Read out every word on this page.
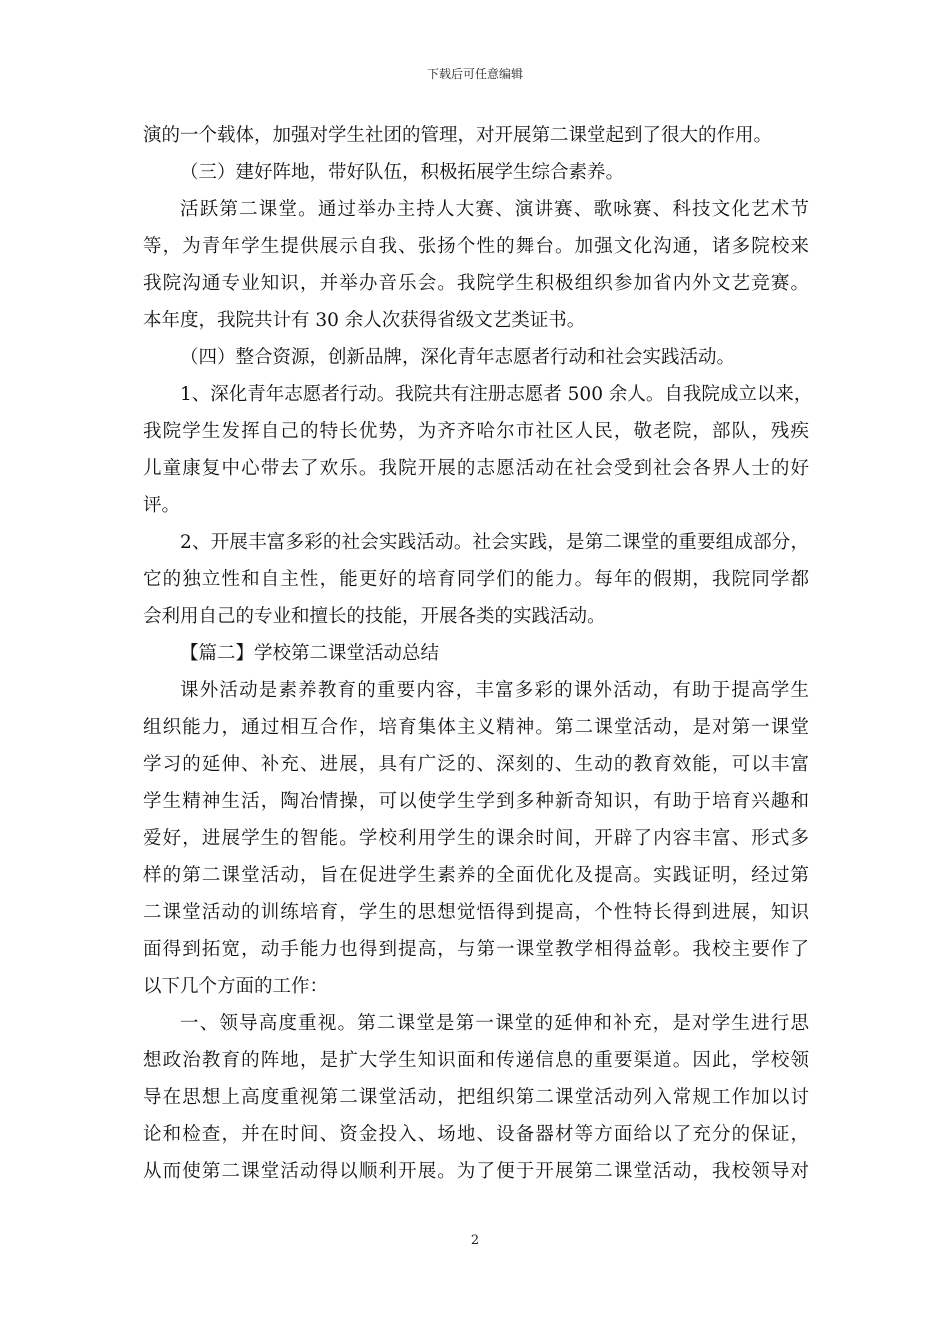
下载后可任意编辑
演的一个载体，加强对学生社团的管理，对开展第二课堂起到了很大的作用。
（三）建好阵地，带好队伍，积极拓展学生综合素养。
活跃第二课堂。通过举办主持人大赛、演讲赛、歌咏赛、科技文化艺术节
等，为青年学生提供展示自我、张扬个性的舞台。加强文化沟通，诸多院校来
我院沟通专业知识，并举办音乐会。我院学生积极组织参加省内外文艺竞赛。
本年度，我院共计有 30 余人次获得省级文艺类证书。
（四）整合资源，创新品牌，深化青年志愿者行动和社会实践活动。
1、深化青年志愿者行动。我院共有注册志愿者 500 余人。自我院成立以来，
我院学生发挥自己的特长优势，为齐齐哈尔市社区人民，敬老院，部队，残疾
儿童康复中心带去了欢乐。我院开展的志愿活动在社会受到社会各界人士的好
评。
2、开展丰富多彩的社会实践活动。社会实践，是第二课堂的重要组成部分，
它的独立性和自主性，能更好的培育同学们的能力。每年的假期，我院同学都
会利用自己的专业和擅长的技能，开展各类的实践活动。
【篇二】学校第二课堂活动总结
课外活动是素养教育的重要内容，丰富多彩的课外活动，有助于提高学生
组织能力，通过相互合作，培育集体主义精神。第二课堂活动，是对第一课堂
学习的延伸、补充、进展，具有广泛的、深刻的、生动的教育效能，可以丰富
学生精神生活，陶冶情操，可以使学生学到多种新奇知识，有助于培育兴趣和
爱好，进展学生的智能。学校利用学生的课余时间，开辟了内容丰富、形式多
样的第二课堂活动，旨在促进学生素养的全面优化及提高。实践证明，经过第
二课堂活动的训练培育，学生的思想觉悟得到提高，个性特长得到进展，知识
面得到拓宽，动手能力也得到提高，与第一课堂教学相得益彰。我校主要作了
以下几个方面的工作：
一、领导高度重视。第二课堂是第一课堂的延伸和补充，是对学生进行思
想政治教育的阵地，是扩大学生知识面和传递信息的重要渠道。因此，学校领
导在思想上高度重视第二课堂活动，把组织第二课堂活动列入常规工作加以讨
论和检查，并在时间、资金投入、场地、设备器材等方面给以了充分的保证，
从而使第二课堂活动得以顺利开展。为了便于开展第二课堂活动，我校领导对
2
